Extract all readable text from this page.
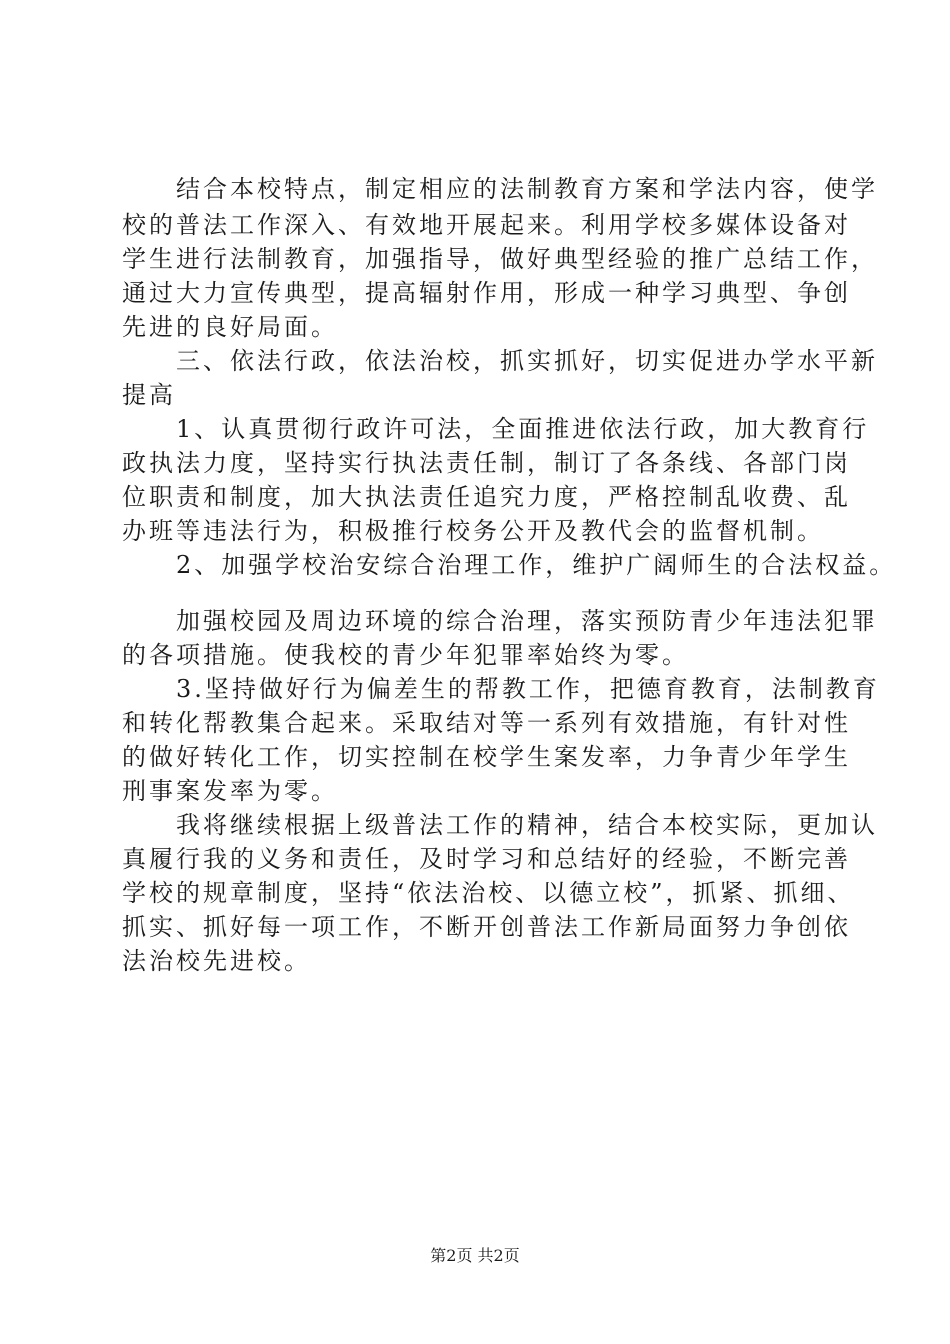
结合本校特点，制定相应的法制教育方案和学法内容，使学
校的普法工作深入、有效地开展起来。利用学校多媒体设备对
学生进行法制教育，加强指导，做好典型经验的推广总结工作，
通过大力宣传典型，提高辐射作用，形成一种学习典型、争创
先进的良好局面。
三、依法行政，依法治校，抓实抓好，切实促进办学水平新
提高
1、认真贯彻行政许可法，全面推进依法行政，加大教育行
政执法力度，坚持实行执法责任制，制订了各条线、各部门岗
位职责和制度，加大执法责任追究力度，严格控制乱收费、乱
办班等违法行为，积极推行校务公开及教代会的监督机制。
2、加强学校治安综合治理工作，维护广阔师生的合法权益。
加强校园及周边环境的综合治理，落实预防青少年违法犯罪
的各项措施。使我校的青少年犯罪率始终为零。
3.坚持做好行为偏差生的帮教工作，把德育教育，法制教育
和转化帮教集合起来。采取结对等一系列有效措施，有针对性
的做好转化工作，切实控制在校学生案发率，力争青少年学生
刑事案发率为零。
我将继续根据上级普法工作的精神，结合本校实际，更加认
真履行我的义务和责任，及时学习和总结好的经验，不断完善
学校的规章制度，坚持“依法治校、以德立校”，抓紧、抓细、
抓实、抓好每一项工作，不断开创普法工作新局面努力争创依
法治校先进校。
第2页 共2页
